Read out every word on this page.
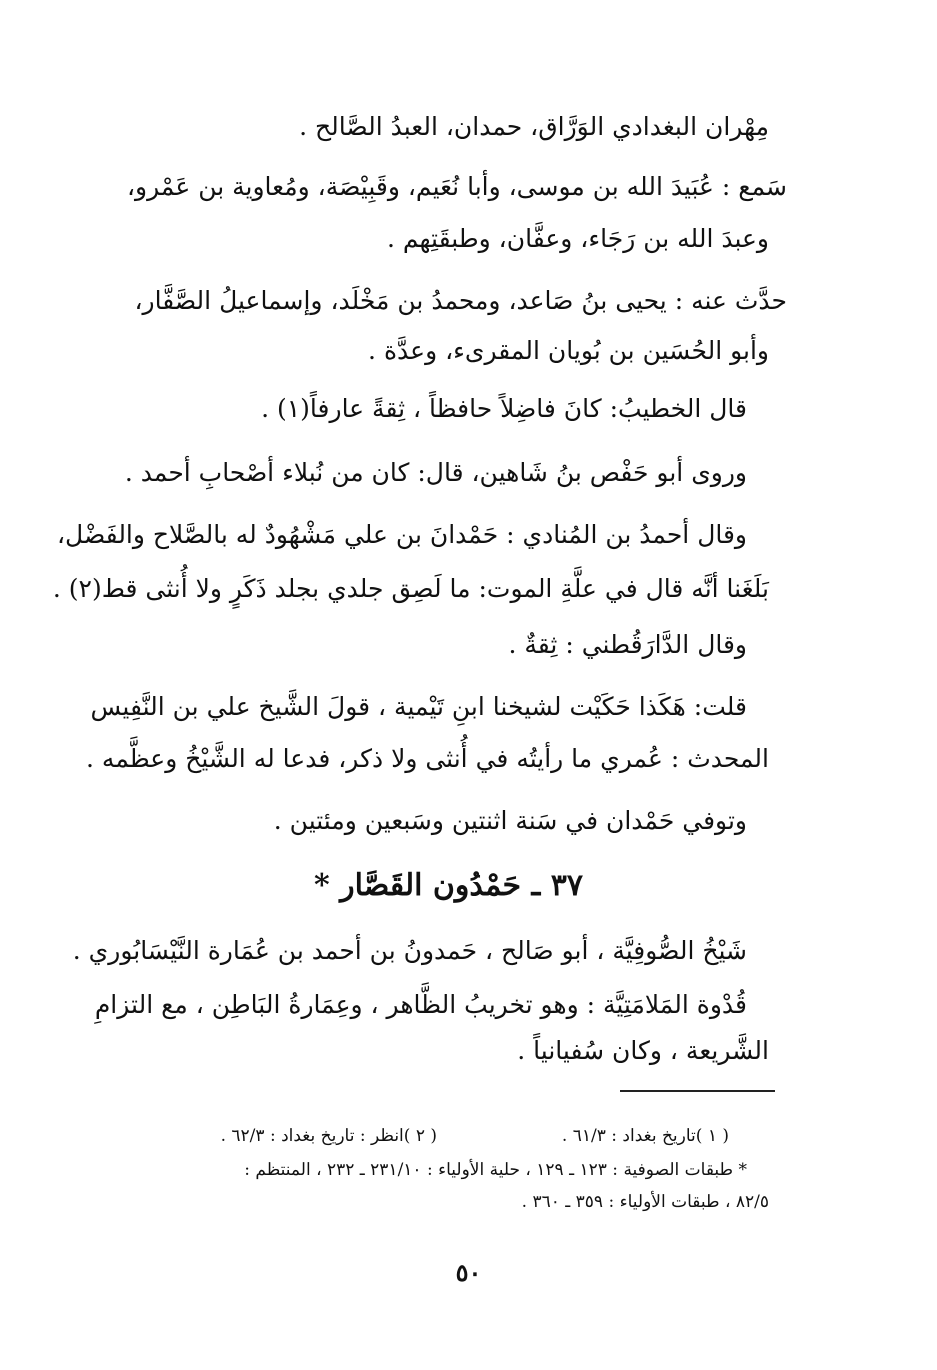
مِهْران البغدادي الوَرَّاق، حمدان، العبدُ الصَّالح .
سَمع : عُبَيدَ الله بن موسى، وأبا نُعَيم، وقَبِيْصَة، ومُعاوية بن عَمْرو،
وعبدَ الله بن رَجَاء، وعفَّان، وطبقَتِهم .
حدَّث عنه : يحيى بنُ صَاعد، ومحمدُ بن مَخْلَد، وإسماعيلُ الصَّفَّار،
وأبو الحُسَين بن بُويان المقرىء، وعدَّة .
قال الخطيبُ: كانَ فاضِلاً حافظاً ، ثِقةً عارفاً(١) .
وروى أبو حَفْص بنُ شَاهين، قال: كان من نُبلاء أصْحابِ أحمد .
وقال أحمدُ بن المُنادي : حَمْدانَ بن علي مَشْهُودٌ له بالصَّلاح والفَضْل،
بَلَغَنا أنَّه قال في علَّةِ الموت: ما لَصِق جلدي بجلد ذَكَرٍ ولا أُنثى قط(٢) .
وقال الدَّارَقُطني : ثِقةٌ .
قلت: هَكَذا حَكَيْت لشيخنا ابنِ تَيْمية ، قولَ الشَّيخ علي بن النَّفِيس
المحدث : عُمري ما رأيتُه في أُنثى ولا ذكر، فدعا له الشَّيْخُ وعظَّمه .
وتوفي حَمْدان في سَنة اثنتين وسَبعين ومئتين .
٣٧ ـ حَمْدُون القَصَّار *
شَيْخُ الصُّوفِيَّة ، أبو صَالح ، حَمدونُ بن أحمد بن عُمَارة النَّيْسَابُوري .
قُدْوة المَلامَتِيَّة : وهو تخريبُ الظَّاهر ، وعِمَارةُ البَاطِن ، مع التزامِ
الشَّريعة ، وكان سُفيانياً .
( ١ )تاريخ بغداد : ٦١/٣ .
( ٢ )انظر : تاريخ بغداد : ٦٢/٣ .
* طبقات الصوفية : ١٢٣ ـ ١٢٩ ، حلية الأولياء : ٢٣١/١٠ ـ ٢٣٢ ، المنتظم :
٨٢/٥ ، طبقات الأولياء : ٣٥٩ ـ ٣٦٠ .
٥٠
